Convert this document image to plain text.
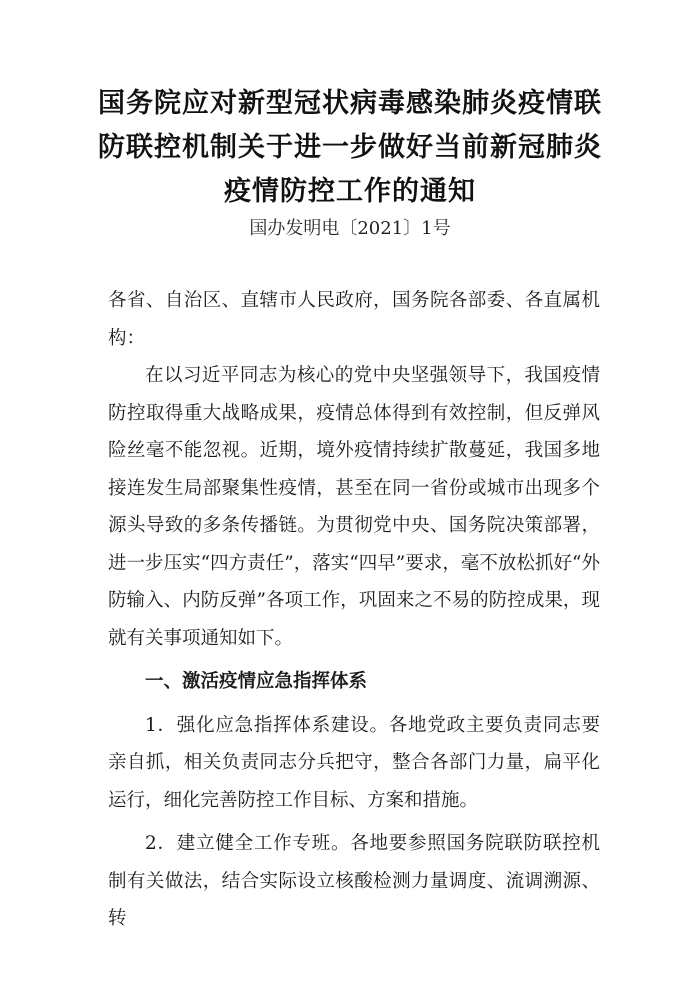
国务院应对新型冠状病毒感染肺炎疫情联
防联控机制关于进一步做好当前新冠肺炎
疫情防控工作的通知
国办发明电〔2021〕1号

各省、自治区、直辖市人民政府，国务院各部委、各直属机构：

在以习近平同志为核心的党中央坚强领导下，我国疫情防控取得重大战略成果，疫情总体得到有效控制，但反弹风险丝毫不能忽视。近期，境外疫情持续扩散蔓延，我国多地接连发生局部聚集性疫情，甚至在同一省份或城市出现多个源头导致的多条传播链。为贯彻党中央、国务院决策部署，进一步压实“四方责任”，落实“四早”要求，毫不放松抓好“外防输入、内防反弹”各项工作，巩固来之不易的防控成果，现就有关事项通知如下。

一、激活疫情应急指挥体系

1．强化应急指挥体系建设。各地党政主要负责同志要亲自抓，相关负责同志分兵把守，整合各部门力量，扁平化运行，细化完善防控工作目标、方案和措施。

2．建立健全工作专班。各地要参照国务院联防联控机制有关做法，结合实际设立核酸检测力量调度、流调溯源、转
